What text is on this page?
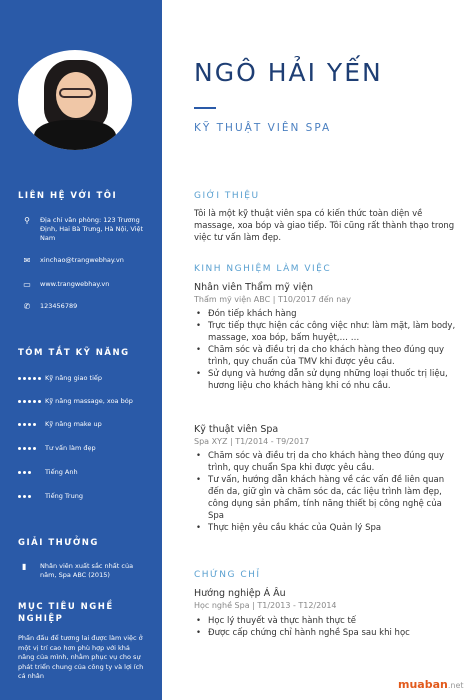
LIÊN HỆ VỚI TÔI
⚲	Địa chỉ văn phòng: 123 Trương Định, Hai Bà Trưng, Hà Nội, Việt Nam
✉ xinchao@trangwebhay.vn
▭ www.trangwebhay.vn
✆ 123456789
TÓM TẮT KỸ NĂNG
Kỹ năng giao tiếp
Kỹ năng massage, xoa bóp
Kỹ năng make up
Tư vấn làm đẹp
Tiếng Anh
Tiếng Trung
GIẢI THƯỞNG
▮	Nhân viên xuất sắc nhất của năm, Spa ABC (2015)
MỤC TIÊU NGHỀ
NGHIỆP
Phấn đấu để tương lai được làm việc ở một vị trí cao hơn phù hợp với khả năng của mình, nhằm phục vụ cho sự phát triển chung của công ty và lợi ích cá nhân
NGÔ HẢI YẾN
KỸ THUẬT VIÊN SPA
GIỚI THIỆU
Tôi là một kỹ thuật viên spa có kiến thức toàn diện về massage, xoa bóp và giao tiếp. Tôi cũng rất thành thạo trong việc tư vấn làm đẹp.
KINH NGHIỆM LÀM VIỆC
Nhân viên Thẩm mỹ viện
Thẩm mỹ viện ABC | T10/2017 đến nay
• Đón tiếp khách hàng
• Trực tiếp thực hiện các công việc như: làm mặt, làm body, massage, xoa bóp, bấm huyệt,… …
• Chăm sóc và điều trị da cho khách hàng theo đúng quy trình, quy chuẩn của TMV khi được yêu cầu.
• Sử dụng và hướng dẫn sử dụng những loại thuốc trị liệu, hương liệu cho khách hàng khi có nhu cầu.
Kỹ thuật viên Spa
Spa XYZ | T1/2014 - T9/2017
• Chăm sóc và điều trị da cho khách hàng theo đúng quy trình, quy chuẩn Spa khi được yêu cầu.
• Tư vấn, hướng dẫn khách hàng về các vấn đề liên quan đến da, giữ gìn và chăm sóc da, các liệu trình làm đẹp, công dụng sản phẩm, tính năng thiết bị công nghệ của Spa
• Thực hiện yêu cầu khác của Quản lý Spa
CHỨNG CHỈ
Hướng nghiệp Á Âu
Học nghề Spa | T1/2013 - T12/2014
• Học lý thuyết và thực hành thực tế
• Được cấp chứng chỉ hành nghề Spa sau khi học
muaban.net
